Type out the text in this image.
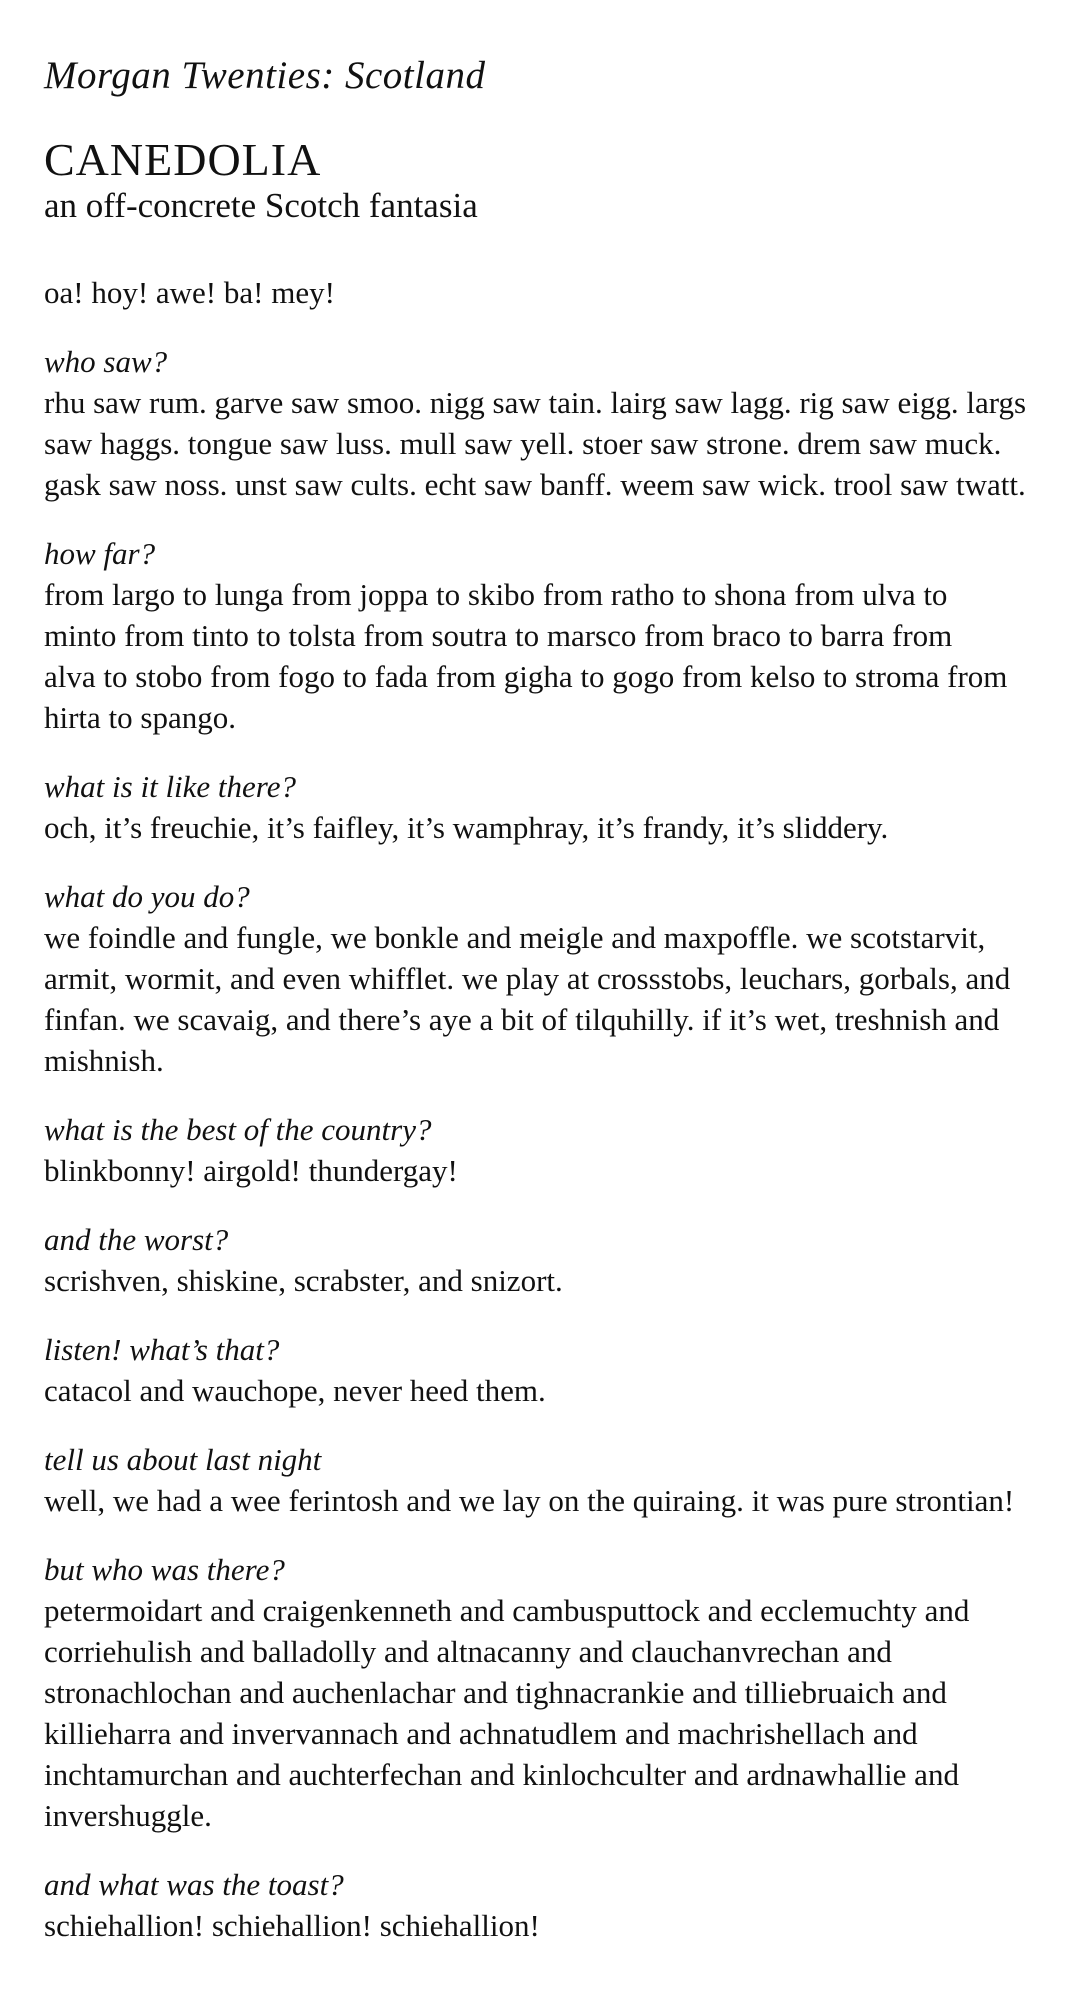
Morgan Twenties: Scotland
CANEDOLIA
an off-concrete Scotch fantasia
oa! hoy! awe! ba! mey!
who saw?
rhu saw rum. garve saw smoo. nigg saw tain. lairg saw lagg. rig saw eigg. largs
saw haggs. tongue saw luss. mull saw yell. stoer saw strone. drem saw muck.
gask saw noss. unst saw cults. echt saw banff. weem saw wick. trool saw twatt.
how far?
from largo to lunga from joppa to skibo from ratho to shona from ulva to
minto from tinto to tolsta from soutra to marsco from braco to barra from
alva to stobo from fogo to fada from gigha to gogo from kelso to stroma from
hirta to spango.
what is it like there?
och, it’s freuchie, it’s faifley, it’s wamphray, it’s frandy, it’s sliddery.
what do you do?
we foindle and fungle, we bonkle and meigle and maxpoffle. we scotstarvit,
armit, wormit, and even whifflet. we play at crossstobs, leuchars, gorbals, and
finfan. we scavaig, and there’s aye a bit of tilquhilly. if it’s wet, treshnish and
mishnish.
what is the best of the country?
blinkbonny! airgold! thundergay!
and the worst?
scrishven, shiskine, scrabster, and snizort.
listen! what’s that?
catacol and wauchope, never heed them.
tell us about last night
well, we had a wee ferintosh and we lay on the quiraing. it was pure strontian!
but who was there?
petermoidart and craigenkenneth and cambusputtock and ecclemuchty and
corriehulish and balladolly and altnacanny and clauchanvrechan and
stronachlochan and auchenlachar and tighnacrankie and tilliebruaich and
killieharra and invervannach and achnatudlem and machrishellach and
inchtamurchan and auchterfechan and kinlochculter and ardnawhallie and
invershuggle.
and what was the toast?
schiehallion! schiehallion! schiehallion!
